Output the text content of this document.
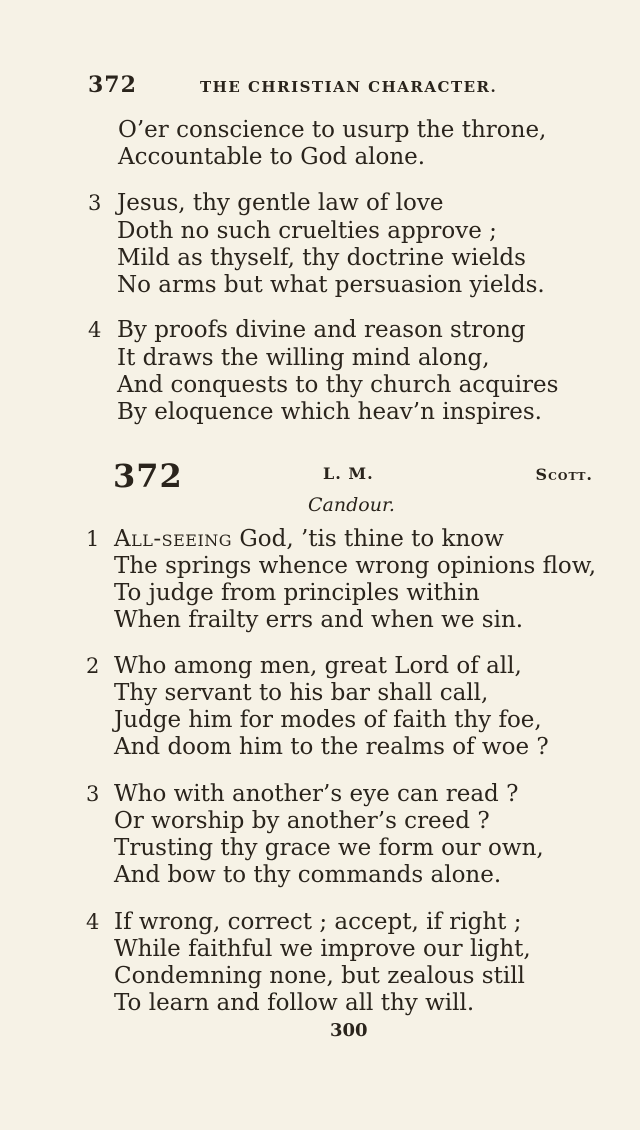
372	THE CHRISTIAN CHARACTER.
O’er conscience to usurp the throne,
Accountable to God alone.
3 Jesus, thy gentle law of love
Doth no such cruelties approve ;
Mild as thyself, thy doctrine wields
No arms but what persuasion yields.
4 By proofs divine and reason strong
It draws the willing mind along,
And conquests to thy church acquires
By eloquence which heav’n inspires.
372	L. M.	Scott.
Candour.
1 All-seeing God, ’tis thine to know
The springs whence wrong opinions flow,
To judge from principles within
When frailty errs and when we sin.
2 Who among men, great Lord of all,
Thy servant to his bar shall call,
Judge him for modes of faith thy foe,
And doom him to the realms of woe ?
3 Who with another’s eye can read ?
Or worship by another’s creed ?
Trusting thy grace we form our own,
And bow to thy commands alone.
4 If wrong, correct ; accept, if right ;
While faithful we improve our light,
Condemning none, but zealous still
To learn and follow all thy will.
300
